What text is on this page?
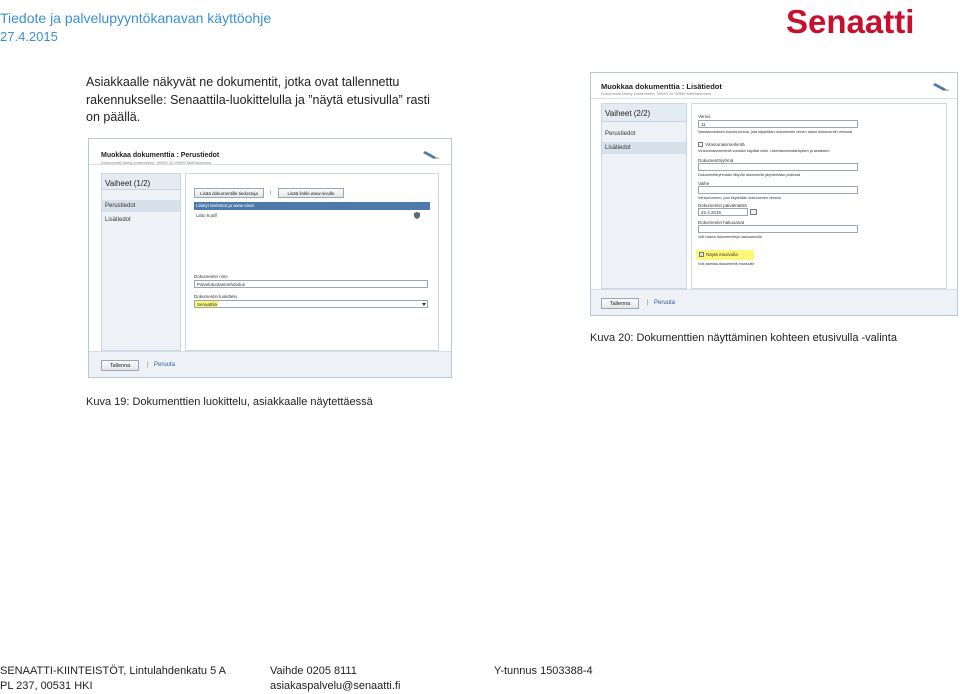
Tiedote ja palvelupyyntökanavan käyttöohje
27.4.2015	Senaatti
Asiakkaalle näkyvät ne dokumentit, jotka ovat tallennettu rakennukselle: Senaattila-luokittelulla ja ”näytä etusivulla” rasti on päällä.
Muokkaa dokumenttia : Perustiedot
Dokumentti liitetty kohteeseen: 99999 10 99999 MetRakennus
Vaiheet (1/2)
Perustiedot
Lisätiedot
Lisää dokumentille tiedostoja	|	Lisää linkki www-sivulle
Liitetyt tiedostot ja www-sivut
Liitto 5.pdf
Dokumentin nimi
Palvelutuotantoehdoitus
Dokumentin luokittelu
Senaattila
Tallenna	| Peruuta
Kuva 19: Dokumenttien luokittelu, asiakkaalle näytettäessä
Muokkaa dokumenttia : Lisätiedot
Dokumentti liitetty kohteeseen: 99999 10 99999 MetRakennus
Vaiheet (2/2)
Perustiedot
Lisätiedot
Versio
11
Vastaanotuksen tulosta tuntua, jota käytetään dokumentin nimen alaan dokumentin versiota
Viranomaismerkintä
Viranomaismerkintä voidaan käyttää esim. rakentamismääräysten ja asiaksien
Dokumenttiryhmä
Dokumenttiryhmään liittyvät dokumentit järjestetään yhdessä
Vaihe
Versionumero, jota käytetään dokumentin version
Dokumentin päivämäärä
22.4.2015
Dokumentin hakusanat
Voit hakea dokumentteja hakusanoilla
✓ Näytä etusivulla
Voit asettaa dokumentit etusivulle
Tallenna	| Peruuta
Kuva 20: Dokumenttien näyttäminen kohteen etusivulla -valinta
SENAATTI-KIINTEISTÖT, Lintulahdenkatu 5 A
PL 237, 00531 HKI
Vaihde 0205 8111
asiakaspalvelu@senaatti.fi
Y-tunnus 1503388-4
